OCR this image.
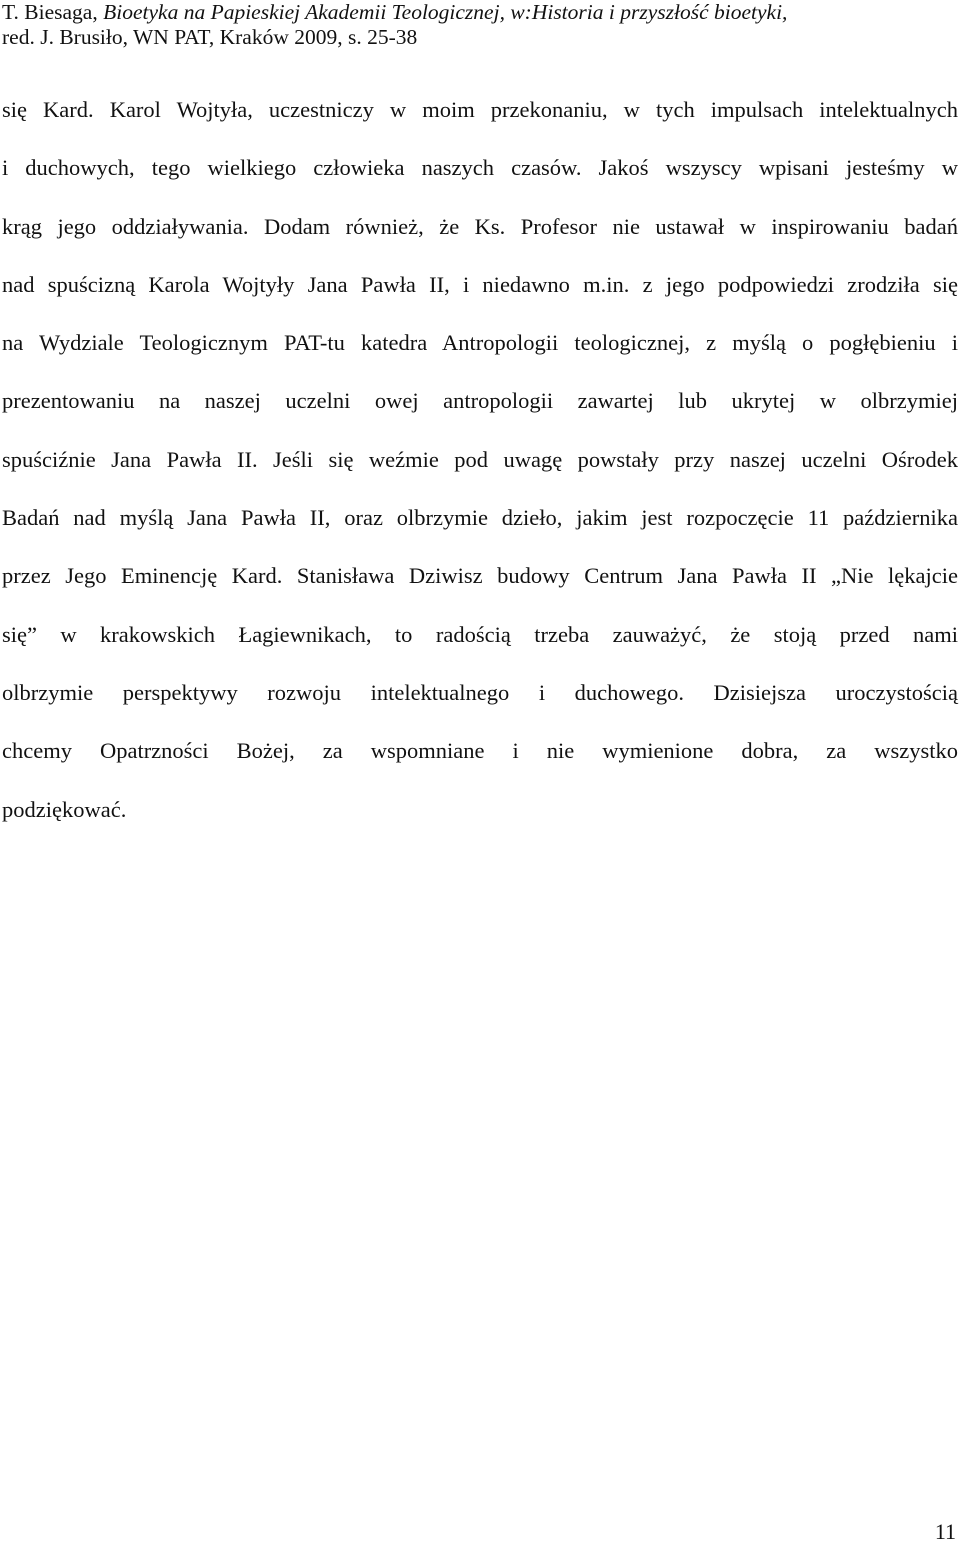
T. Biesaga, Bioetyka na Papieskiej Akademii Teologicznej, w:Historia i przyszłość bioetyki,
red. J. Brusiło, WN PAT, Kraków 2009, s. 25-38
się Kard. Karol Wojtyła, uczestniczy w moim przekonaniu, w tych impulsach intelektualnych
i duchowych, tego wielkiego człowieka naszych czasów. Jakoś wszyscy wpisani jesteśmy w
krąg jego oddziaływania. Dodam również, że Ks. Profesor nie ustawał w inspirowaniu badań
nad spuścizną Karola Wojtyły Jana Pawła II, i niedawno m.in. z jego podpowiedzi zrodziła się
na Wydziale Teologicznym PAT-tu katedra Antropologii teologicznej, z myślą o pogłębieniu i
prezentowaniu na naszej uczelni owej antropologii zawartej lub ukrytej w olbrzymiej
spuściźnie Jana Pawła II. Jeśli się weźmie pod uwagę powstały przy naszej uczelni Ośrodek
Badań nad myślą Jana Pawła II, oraz olbrzymie dzieło, jakim jest rozpoczęcie 11 października
przez Jego Eminencję Kard. Stanisława Dziwisz budowy Centrum Jana Pawła II „Nie lękajcie
się” w krakowskich Łagiewnikach, to radością trzeba zauważyć, że stoją przed nami
olbrzymie perspektywy rozwoju intelektualnego i duchowego. Dzisiejsza uroczystością
chcemy Opatrzności Bożej, za wspomniane i nie wymienione dobra, za wszystko
podziękować.
11
